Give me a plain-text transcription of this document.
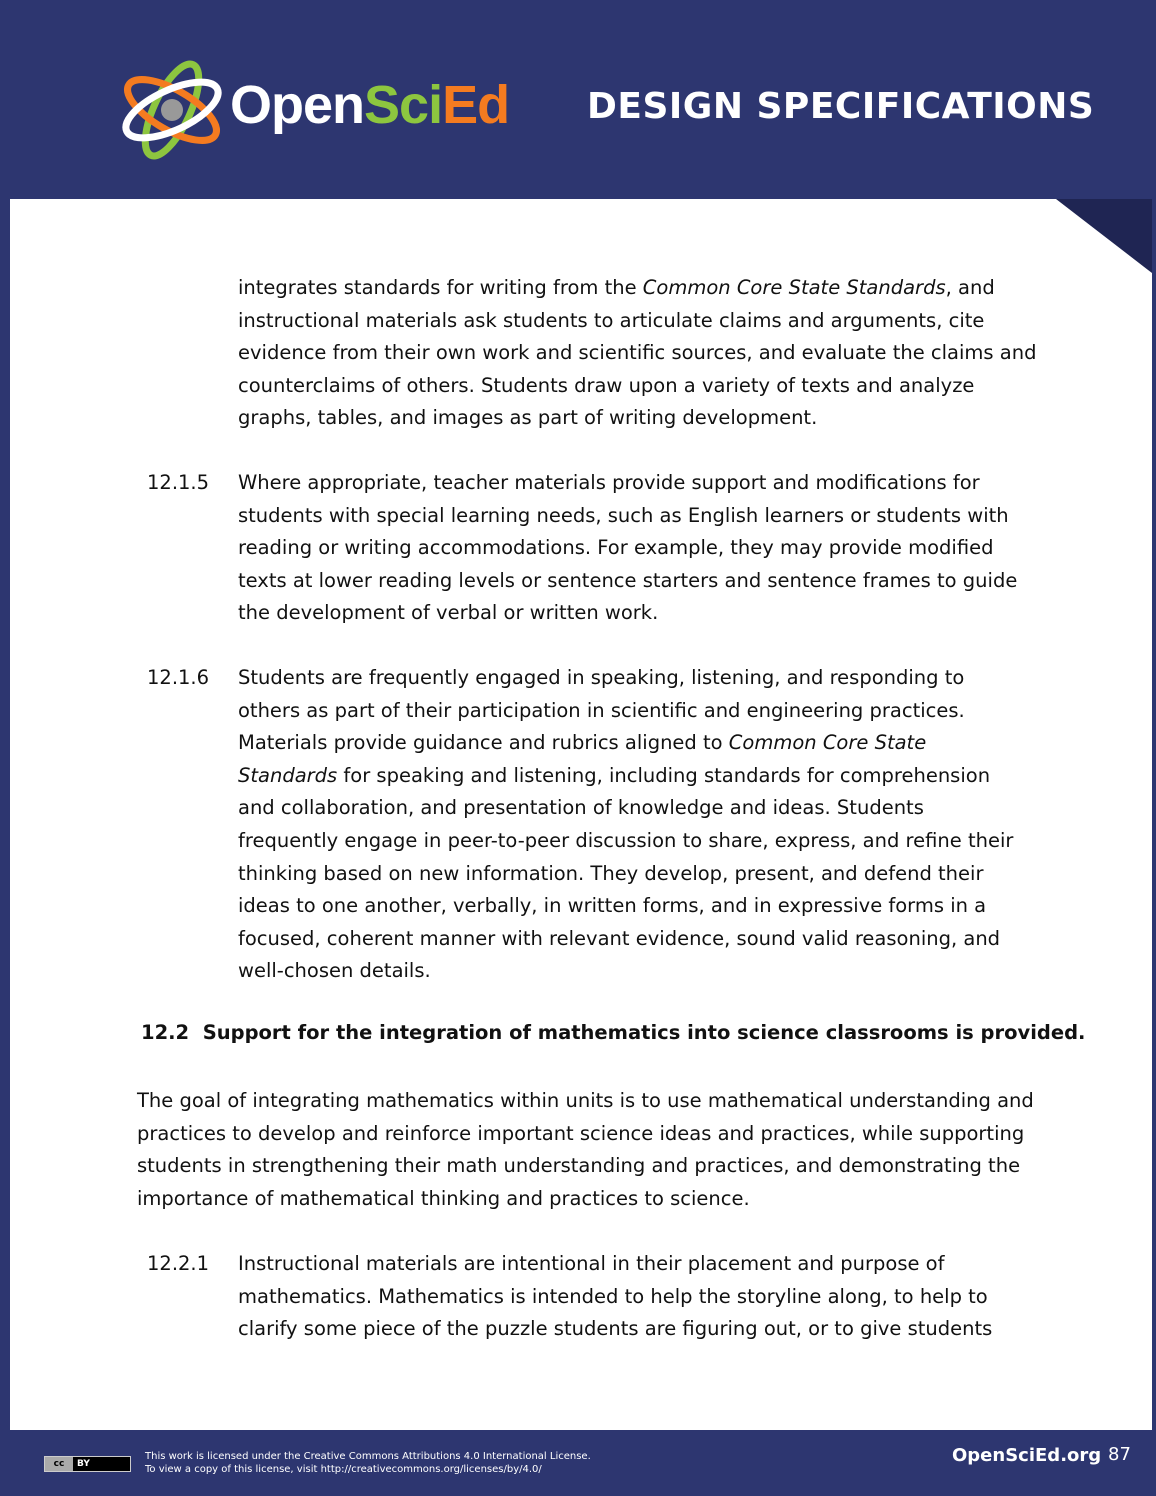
OpenSciEd DESIGN SPECIFICATIONS
integrates standards for writing from the Common Core State Standards, and instructional materials ask students to articulate claims and arguments, cite evidence from their own work and scientific sources, and evaluate the claims and counterclaims of others. Students draw upon a variety of texts and analyze graphs, tables, and images as part of writing development.
12.1.5 Where appropriate, teacher materials provide support and modifications for students with special learning needs, such as English learners or students with reading or writing accommodations. For example, they may provide modified texts at lower reading levels or sentence starters and sentence frames to guide the development of verbal or written work.
12.1.6 Students are frequently engaged in speaking, listening, and responding to others as part of their participation in scientific and engineering practices. Materials provide guidance and rubrics aligned to Common Core State Standards for speaking and listening, including standards for comprehension and collaboration, and presentation of knowledge and ideas. Students frequently engage in peer-to-peer discussion to share, express, and refine their thinking based on new information. They develop, present, and defend their ideas to one another, verbally, in written forms, and in expressive forms in a focused, coherent manner with relevant evidence, sound valid reasoning, and well-chosen details.
12.2  Support for the integration of mathematics into science classrooms is provided.
The goal of integrating mathematics within units is to use mathematical understanding and practices to develop and reinforce important science ideas and practices, while supporting students in strengthening their math understanding and practices, and demonstrating the importance of mathematical thinking and practices to science.
12.2.1 Instructional materials are intentional in their placement and purpose of mathematics. Mathematics is intended to help the storyline along, to help to clarify some piece of the puzzle students are figuring out, or to give students
cc	BY
This work is licensed under the Creative Commons Attributions 4.0 International License.
To view a copy of this license, visit http://creativecommons.org/licenses/by/4.0/
OpenSciEd.org 87
